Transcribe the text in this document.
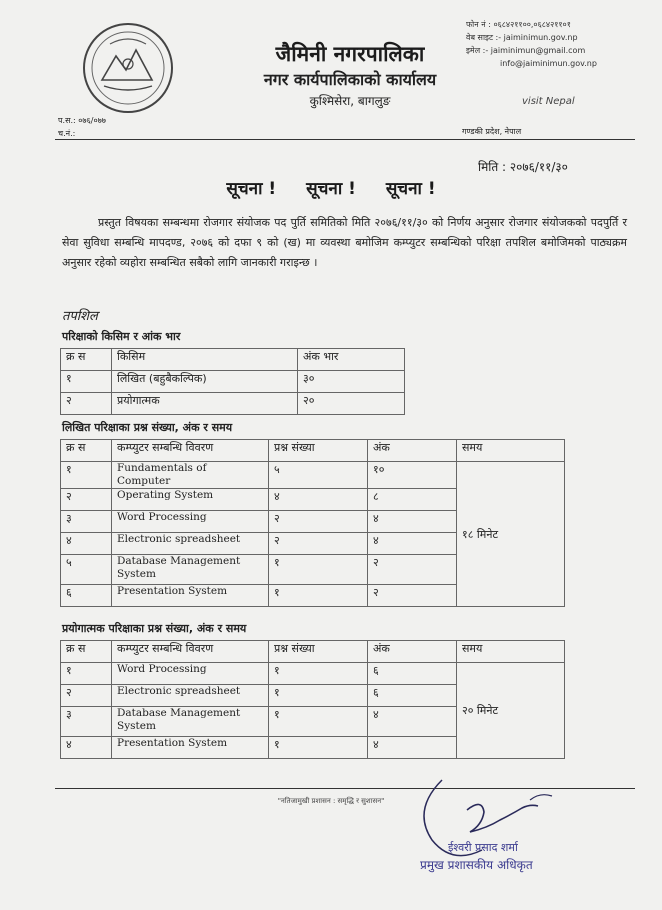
जैमिनी नगरपालिका
नगर कार्यपालिकाको कार्यालय
कुश्मिसेरा, बागलुङ
फोन नं : ०६८४२११००,०६८४२११०१
वेब साइट :- jaiminimun.gov.np
इमेल :- jaiminimun@gmail.com
info@jaiminimun.gov.np
visit Nepal
प.स.: ०७६/०७७
च.नं.:	गण्डकी प्रदेश, नेपाल
मिति : २०७६/११/३०
सूचना ! सूचना ! सूचना !
प्रस्तुत विषयका सम्बन्धमा रोजगार संयोजक पद पुर्ति समितिको मिति २०७६/११/३० को निर्णय अनुसार रोजगार संयोजकको पदपुर्ति र सेवा सुविधा सम्बन्धि मापदण्ड, २०७६ को दफा ९ को (ख) मा व्यवस्था बमोजिम कम्प्युटर सम्बन्धिको परिक्षा तपशिल बमोजिमको पाठ्यक्रम अनुसार रहेको व्यहोरा सम्बन्धित सबैको लागि जानकारी गराइन्छ ।
तपशिल
परिक्षाको किसिम र आंक भार
क्र स	किसिम	अंक भार
१	लिखित (बहुबैकल्पिक)	३०
२	प्रयोगात्मक	२०
लिखित परिक्षाका प्रश्न संख्या, अंक र समय
क्र स	कम्प्युटर सम्बन्धि विवरण	प्रश्न संख्या	अंक	समय
१	Fundamentals of Computer	५	१०	१८ मिनेट
२	Operating System	४	८	
३	Word Processing	२	४	
४	Electronic spreadsheet	२	४	
५	Database Management System	१	२	
६	Presentation System	१	२	
प्रयोगात्मक परिक्षाका प्रश्न संख्या, अंक र समय
क्र स	कम्प्युटर सम्बन्धि विवरण	प्रश्न संख्या	अंक	समय
१	Word Processing	१	६	२० मिनेट
२	Electronic spreadsheet	१	६	
३	Database Management System	१	४	
४	Presentation System	१	४	
"नतिजामुखी प्रशासन : समृद्धि र सुशासन"
ईश्वरी प्रसाद शर्मा
प्रमुख प्रशासकीय अधिकृत
